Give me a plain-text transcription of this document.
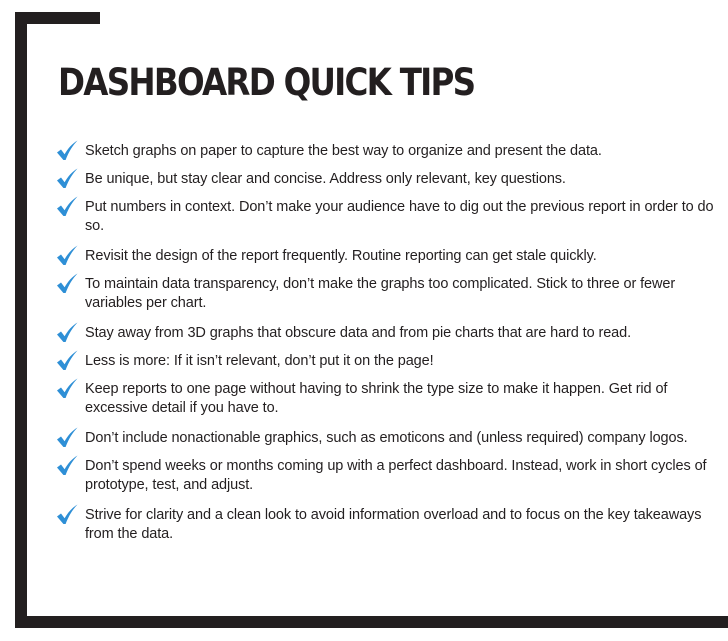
DASHBOARD QUICK TIPS
Sketch graphs on paper to capture the best way to organize and present the data.
Be unique, but stay clear and concise. Address only relevant, key questions.
Put numbers in context. Don’t make your audience have to dig out the previous report in order to do so.
Revisit the design of the report frequently. Routine reporting can get stale quickly.
To maintain data transparency, don’t make the graphs too complicated. Stick to three or fewer variables per chart.
Stay away from 3D graphs that obscure data and from pie charts that are hard to read.
Less is more: If it isn’t relevant, don’t put it on the page!
Keep reports to one page without having to shrink the type size to make it happen. Get rid of excessive detail if you have to.
Don’t include nonactionable graphics, such as emoticons and (unless required) company logos.
Don’t spend weeks or months coming up with a perfect dashboard. Instead, work in short cycles of prototype, test, and adjust.
Strive for clarity and a clean look to avoid information overload and to focus on the key takeaways from the data.
